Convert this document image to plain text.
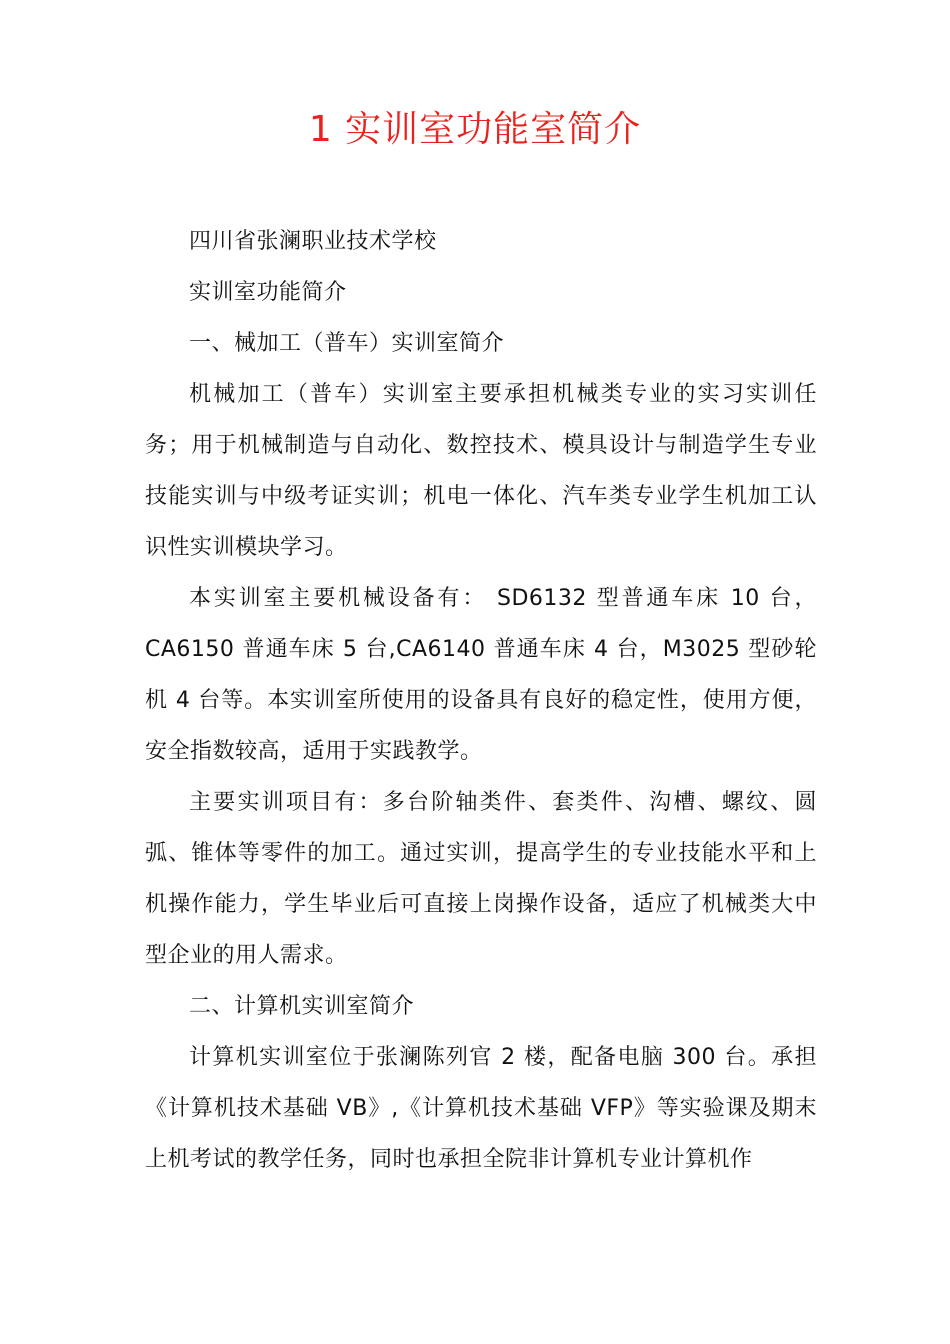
1 实训室功能室简介

四川省张澜职业技术学校

实训室功能简介

一、械加工（普车）实训室简介

机械加工（普车）实训室主要承担机械类专业的实习实训任务；用于机械制造与自动化、数控技术、模具设计与制造学生专业技能实训与中级考证实训；机电一体化、汽车类专业学生机加工认识性实训模块学习。

本实训室主要机械设备有： SD6132 型普通车床 10 台，CA6150 普通车床 5 台,CA6140 普通车床 4 台，M3025 型砂轮机 4 台等。本实训室所使用的设备具有良好的稳定性，使用方便，安全指数较高，适用于实践教学。

主要实训项目有：多台阶轴类件、套类件、沟槽、螺纹、圆弧、锥体等零件的加工。通过实训，提高学生的专业技能水平和上机操作能力，学生毕业后可直接上岗操作设备，适应了机械类大中型企业的用人需求。

二、计算机实训室简介

计算机实训室位于张澜陈列官 2 楼，配备电脑 300 台。承担《计算机技术基础 VB》,《计算机技术基础 VFP》等实验课及期末上机考试的教学任务，同时也承担全院非计算机专业计算机作
